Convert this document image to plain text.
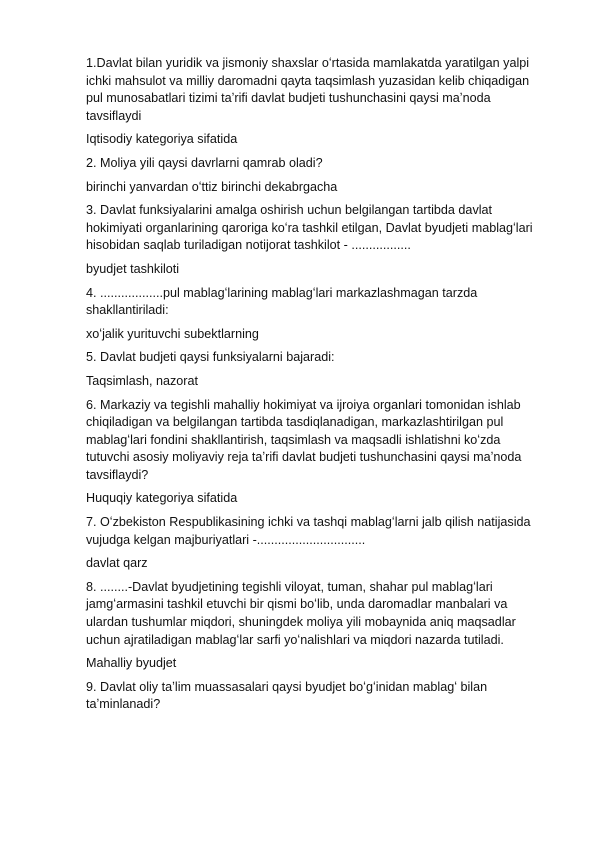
1.Davlat bilan yuridik va jismoniy shaxslar oʻrtasida mamlakatda yaratilgan yalpi ichki mahsulot va milliy daromadni qayta taqsimlash yuzasidan kelib chiqadigan pul munosabatlari tizimi taʼrifi davlat budjeti tushunchasini qaysi maʼnoda tavsiflaydi
Iqtisodiy kategoriya sifatida
2. Moliya yili qaysi davrlarni qamrab oladi?
birinchi yanvardan oʻttiz birinchi dekabrgacha
3. Davlat funksiyalarini amalga oshirish uchun belgilangan tartibda davlat hokimiyati organlarining qaroriga koʻra tashkil etilgan, Davlat byudjeti mablagʻlari hisobidan saqlab turiladigan notijorat tashkilot - .................
byudjet tashkiloti
4. ..................pul mablagʻlarining mablagʻlari markazlashmagan tarzda shakllantiriladi:
xoʻjalik yurituvchi subektlarning
5. Davlat budjeti qaysi funksiyalarni bajaradi:
Taqsimlash, nazorat
6. Markaziy va tegishli mahalliy hokimiyat va ijroiya organlari tomonidan ishlab chiqiladigan va belgilangan tartibda tasdiqlanadigan, markazlashtirilgan pul mablagʻlari fondini shakllantirish, taqsimlash va maqsadli ishlatishni koʻzda tutuvchi asosiy moliyaviy reja taʼrifi davlat budjeti tushunchasini qaysi maʼnoda tavsiflaydi?
Huquqiy kategoriya sifatida
7. Oʻzbekiston Respublikasining ichki va tashqi mablagʻlarni jalb qilish natijasida vujudga kelgan majburiyatlari -...............................
davlat qarz
8. ........-Davlat byudjetining tegishli viloyat, tuman, shahar pul mablagʻlari jamgʻarmasini tashkil etuvchi bir qismi boʻlib, unda daromadlar manbalari va ulardan tushumlar miqdori, shuningdek moliya yili mobaynida aniq maqsadlar uchun ajratiladigan mablagʻlar sarfi yoʻnalishlari va miqdori nazarda tutiladi.
Mahalliy byudjet
9. Davlat oliy taʼlim muassasalari qaysi byudjet boʻgʻinidan mablagʻ bilan taʼminlanadi?
